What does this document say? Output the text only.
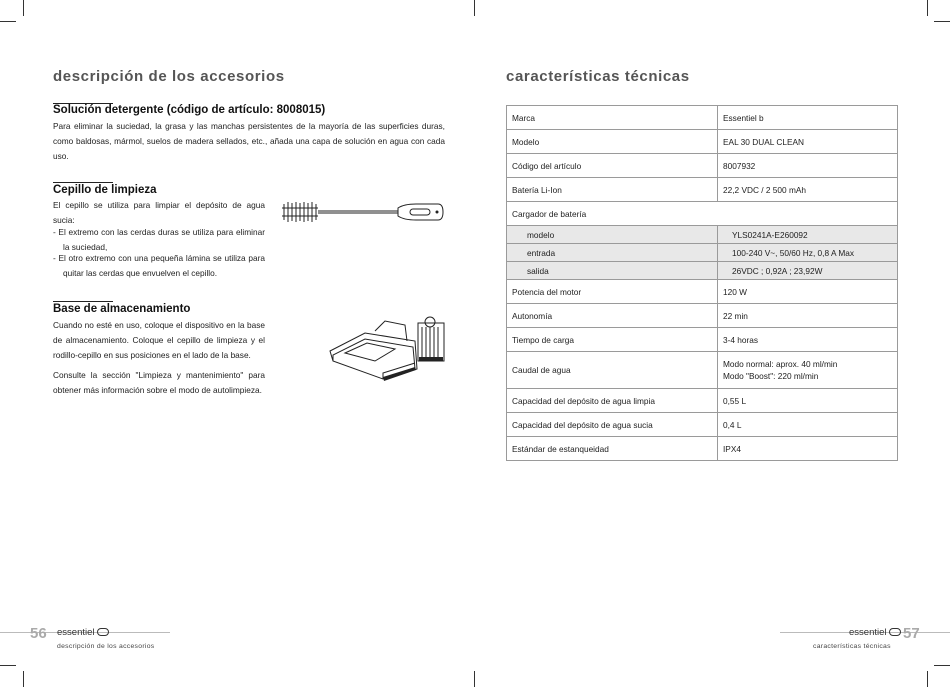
descripción de los accesorios
Solución detergente (código de artículo: 8008015)
Para eliminar la suciedad, la grasa y las manchas persistentes de la mayoría de las superficies duras, como baldosas, mármol, suelos de madera sellados, etc., añada una capa de solución en agua con cada uso.
Cepillo de limpieza
El cepillo se utiliza para limpiar el depósito de agua sucia:
- El extremo con las cerdas duras se utiliza para eliminar la suciedad,
- El otro extremo con una pequeña lámina se utiliza para quitar las cerdas que envuelven el cepillo.
Base de almacenamiento
Cuando no esté en uso, coloque el dispositivo en la base de almacenamiento. Coloque el cepillo de limpieza y el rodillo-cepillo en sus posiciones en el lado de la base.
Consulte la sección "Limpieza y mantenimiento" para obtener más información sobre el modo de autolimpieza.
56 essentiel
descripción de los accesorios
características técnicas
Marca	Essentiel b
Modelo	EAL 30 DUAL CLEAN
Código del artículo	8007932
Batería Li-Ion	22,2 VDC / 2 500 mAh
Cargador de batería	
modelo	YLS0241A-E260092
entrada	100-240 V~, 50/60 Hz, 0,8 A Max
salida	26VDC ; 0,92A ; 23,92W
Potencia del motor	120 W
Autonomía	22 min
Tiempo de carga	3-4 horas
Caudal de agua	Modo normal: aprox. 40 ml/min
Modo "Boost": 220 ml/min

Capacidad del depósito de agua limpia	0,55 L
Capacidad del depósito de agua sucia	0,4 L
Estándar de estanqueidad	IPX4
essentiel	57
características técnicas
